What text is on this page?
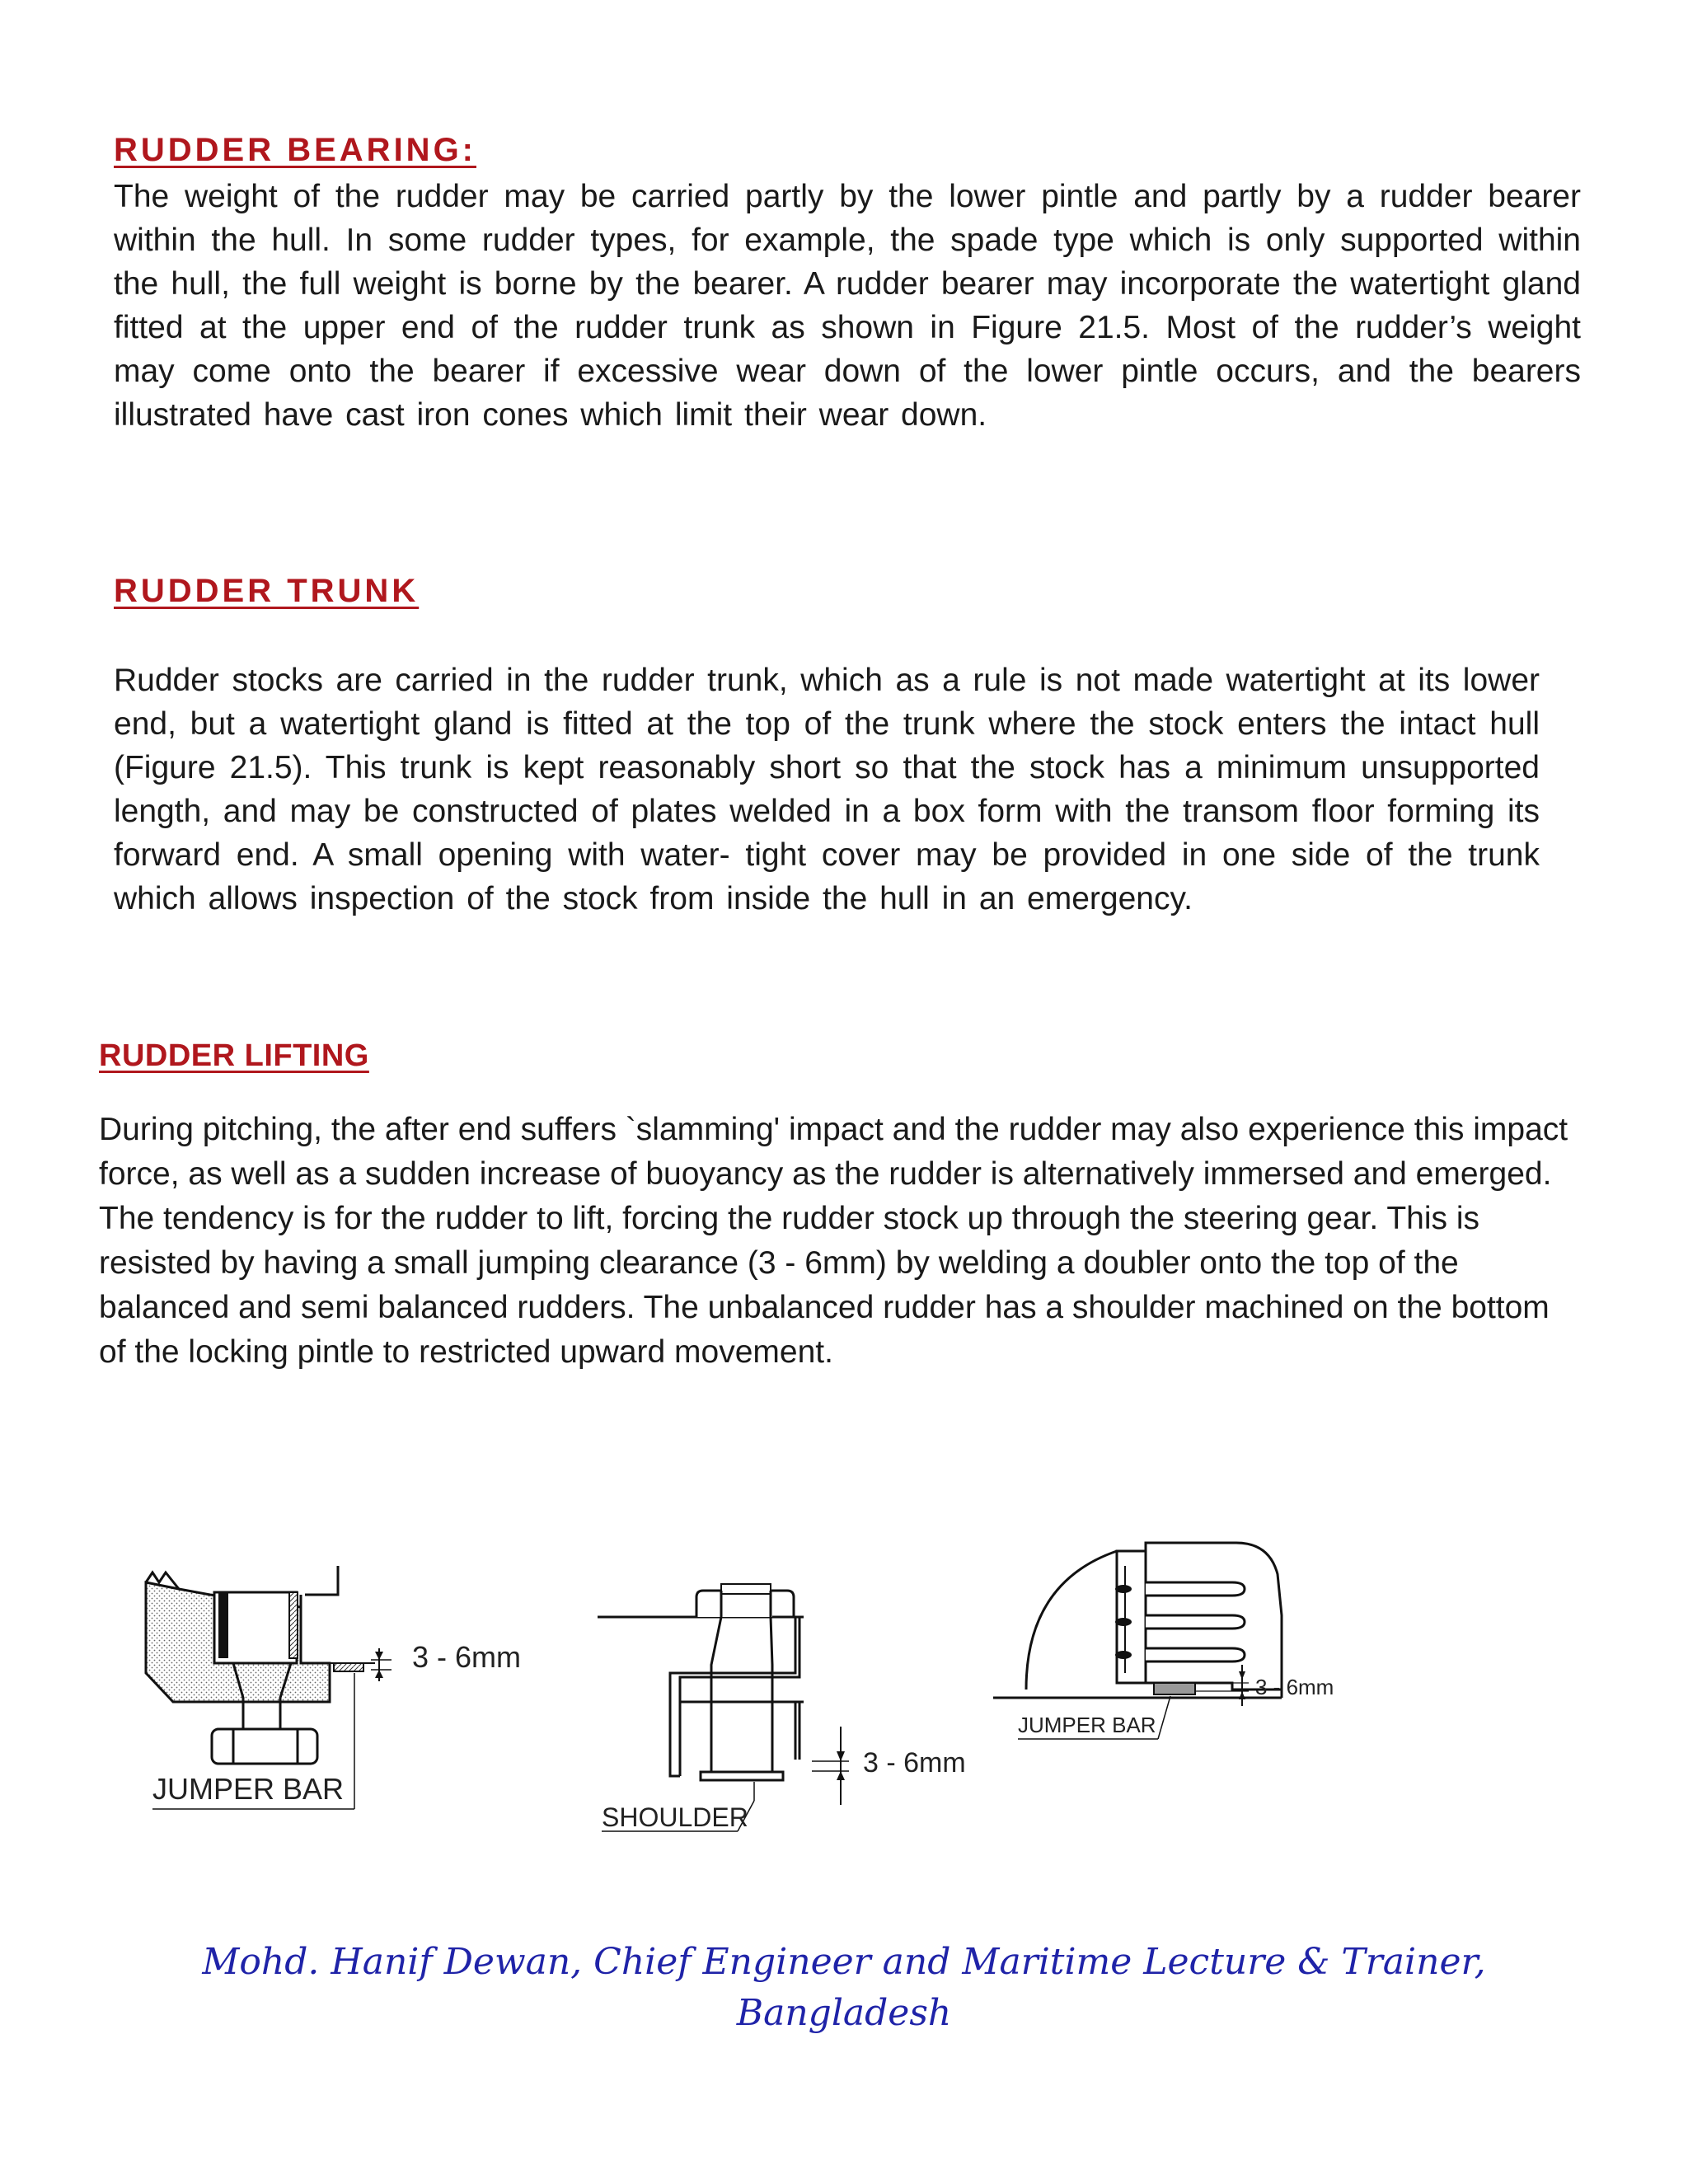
RUDDER BEARING:

The weight of the rudder may be carried partly by the lower pintle and partly by a rudder bearer within the hull. In some rudder types, for example, the spade type which is only supported within the hull, the full weight is borne by the bearer. A rudder bearer may incorporate the watertight gland fitted at the upper end of the rudder trunk as shown in Figure 21.5. Most of the rudder’s weight may come onto the bearer if excessive wear down of the lower pintle occurs, and the bearers illustrated have cast iron cones which limit their wear down.

RUDDER TRUNK

Rudder stocks are carried in the rudder trunk, which as a rule is not made watertight at its lower end, but a watertight gland is fitted at the top of the trunk where the stock enters the intact hull (Figure 21.5). This trunk is kept reasonably short so that the stock has a minimum unsupported length, and may be constructed of plates welded in a box form with the transom floor forming its forward end. A small opening with water- tight cover may be provided in one side of the trunk which allows inspection of the stock from inside the hull in an emergency.

RUDDER LIFTING

During pitching, the after end suffers `slamming' impact and the rudder may also experience this impact force, as well as a sudden increase of buoyancy as the rudder is alternatively immersed and emerged. The tendency is for the rudder to lift, forcing the rudder stock up through the steering gear. This is resisted by having a small jumping clearance (3 - 6mm) by welding a doubler onto the top of the balanced and semi balanced rudders. The unbalanced rudder has a shoulder machined on the bottom of the locking pintle to restricted upward movement.

3 - 6mm
JUMPER BAR
3 - 6mm
SHOULDER
3 - 6mm
JUMPER BAR
Mohd. Hanif Dewan, Chief Engineer and Maritime Lecture & Trainer,
Bangladesh
